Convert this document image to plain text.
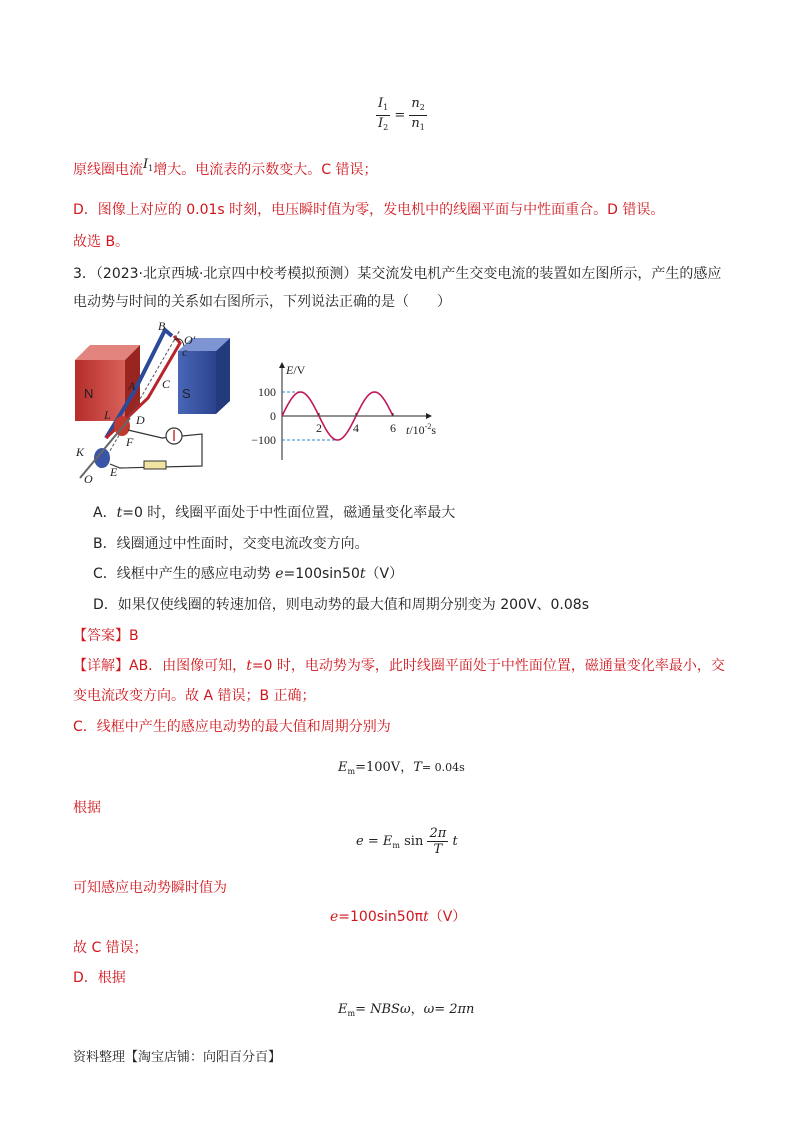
$\frac{I_1}{I_2} = \frac{n_2}{n_1}$
原线圈电流$I_1$增大。电流表的示数变大。C 错误；
D．图像上对应的 0.01s 时刻，电压瞬时值为零，发电机中的线圈平面与中性面重合。D 错误。
故选 B。
3．（2023·北京西城·北京四中校考模拟预测）某交流发电机产生交变电流的装置如左图所示，产生的感应
电动势与时间的关系如右图所示，下列说法正确的是（　　）
N	S
B
O′
c
A C
L D
F
K
E
O
100
0
−100
2	4	6
E/V
$t/10^{-2}s$
A．t=0 时，线圈平面处于中性面位置，磁通量变化率最大
B．线圈通过中性面时，交变电流改变方向。
C．线框中产生的感应电动势 e=100sin50t（V）
D．如果仅使线圈的转速加倍，则电动势的最大值和周期分别变为 200V、0.08s
【答案】B
【详解】AB．由图像可知，t=0 时，电动势为零，此时线圈平面处于中性面位置，磁通量变化率最小，交
变电流改变方向。故 A 错误；B 正确；
C．线框中产生的感应电动势的最大值和周期分别为
$E_m=100V$，T= 0.04s
根据
$e = E_m$ $\sin \frac{2\pi}{T}$ t
可知感应电动势瞬时值为
e=100sin50πt（V）
故 C 错误；
D．根据
$E_m= NBS\omega$，ω= 2πn
资料整理【淘宝店铺：向阳百分百】
